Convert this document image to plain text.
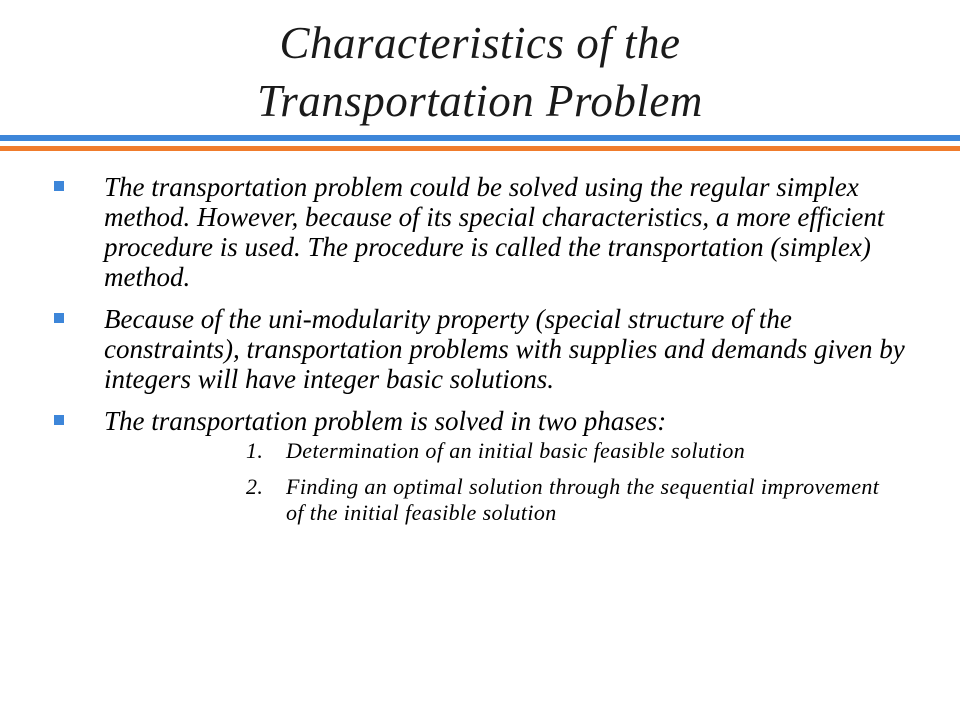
Characteristics of the
Transportation Problem
The transportation problem could be solved using the regular simplex method. However, because of its special characteristics, a more efficient procedure is used. The procedure is called the transportation (simplex) method.
Because of the uni-modularity property (special structure of the constraints), transportation problems with supplies and demands given by integers will have integer basic solutions.
The transportation problem is solved in two phases:
1. Determination of an initial basic feasible solution
2. Finding an optimal solution through the sequential improvement of the initial feasible solution
